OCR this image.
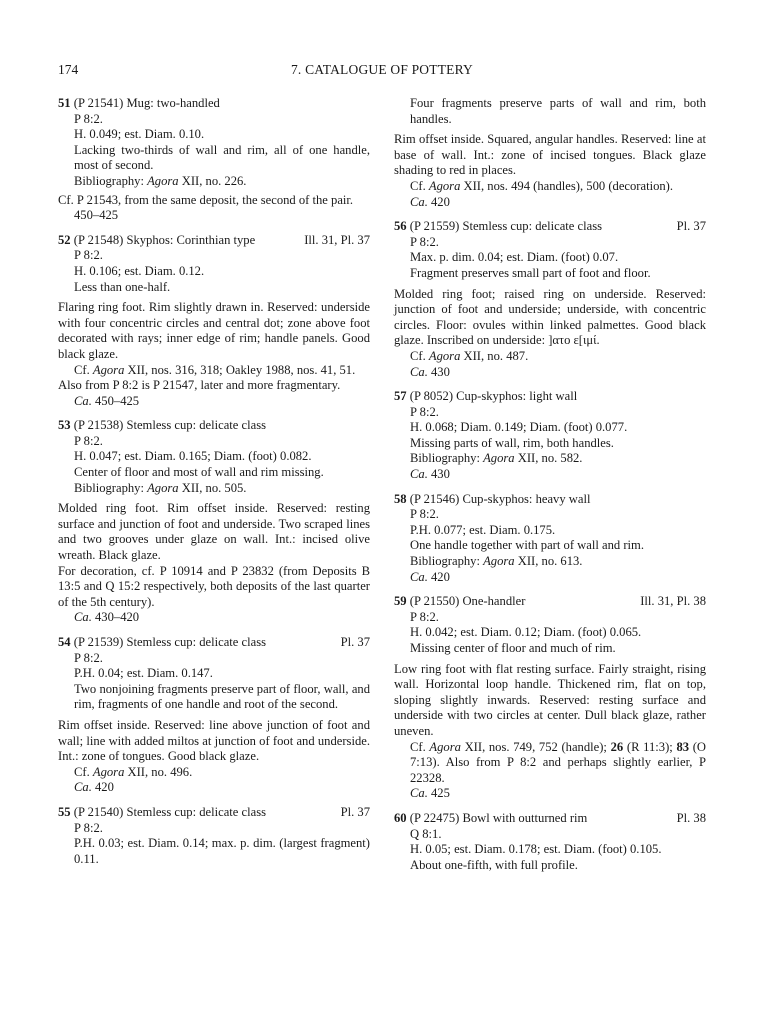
174	7. CATALOGUE OF POTTERY

51 (P 21541) Mug: two-handled

P 8:2.

H. 0.049; est. Diam. 0.10.

Lacking two-thirds of wall and rim, all of one handle, most of second.

Bibliography: Agora XII, no. 226.

Cf. P 21543, from the same deposit, the second of the pair.

450–425

52 (P 21548) Skyphos: Corinthian type	Ill. 31, Pl. 37

P 8:2.

H. 0.106; est. Diam. 0.12.

Less than one-half.

Flaring ring foot. Rim slightly drawn in. Reserved: underside with four concentric circles and central dot; zone above foot decorated with rays; inner edge of rim; handle panels. Good black glaze.

Cf. Agora XII, nos. 316, 318; Oakley 1988, nos. 41, 51.

Also from P 8:2 is P 21547, later and more fragmentary.

Ca. 450–425

53 (P 21538) Stemless cup: delicate class

P 8:2.

H. 0.047; est. Diam. 0.165; Diam. (foot) 0.082.

Center of floor and most of wall and rim missing.

Bibliography: Agora XII, no. 505.

Molded ring foot. Rim offset inside. Reserved: resting surface and junction of foot and underside. Two scraped lines and two grooves under glaze on wall. Int.: incised olive wreath. Black glaze.

For decoration, cf. P 10914 and P 23832 (from Deposits B 13:5 and Q 15:2 respectively, both deposits of the last quarter of the 5th century).

Ca. 430–420

54 (P 21539) Stemless cup: delicate class	Pl. 37

P 8:2.

P.H. 0.04; est. Diam. 0.147.

Two nonjoining fragments preserve part of floor, wall, and rim, fragments of one handle and root of the second.

Rim offset inside. Reserved: line above junction of foot and wall; line with added miltos at junction of foot and underside. Int.: zone of tongues. Good black glaze.

Cf. Agora XII, no. 496.

Ca. 420

55 (P 21540) Stemless cup: delicate class	Pl. 37

P 8:2.

P.H. 0.03; est. Diam. 0.14; max. p. dim. (largest fragment) 0.11.

Four fragments preserve parts of wall and rim, both handles.

Rim offset inside. Squared, angular handles. Reserved: line at base of wall. Int.: zone of incised tongues. Black glaze shading to red in places.

Cf. Agora XII, nos. 494 (handles), 500 (decoration).

Ca. 420

56 (P 21559) Stemless cup: delicate class	Pl. 37

P 8:2.

Max. p. dim. 0.04; est. Diam. (foot) 0.07.

Fragment preserves small part of foot and floor.

Molded ring foot; raised ring on underside. Reserved: junction of foot and underside; underside, with concentric circles. Floor: ovules within linked palmettes. Good black glaze. Inscribed on underside: ]ατο ε[ιμί.

Cf. Agora XII, no. 487.

Ca. 430

57 (P 8052) Cup-skyphos: light wall

P 8:2.

H. 0.068; Diam. 0.149; Diam. (foot) 0.077.

Missing parts of wall, rim, both handles.

Bibliography: Agora XII, no. 582.

Ca. 430

58 (P 21546) Cup-skyphos: heavy wall

P 8:2.

P.H. 0.077; est. Diam. 0.175.

One handle together with part of wall and rim.

Bibliography: Agora XII, no. 613.

Ca. 420

59 (P 21550) One-handler	Ill. 31, Pl. 38

P 8:2.

H. 0.042; est. Diam. 0.12; Diam. (foot) 0.065.

Missing center of floor and much of rim.

Low ring foot with flat resting surface. Fairly straight, rising wall. Horizontal loop handle. Thickened rim, flat on top, sloping slightly inwards. Reserved: resting surface and underside with two circles at center. Dull black glaze, rather uneven.

Cf. Agora XII, nos. 749, 752 (handle); 26 (R 11:3); 83 (O 7:13). Also from P 8:2 and perhaps slightly earlier, P 22328.

Ca. 425

60 (P 22475) Bowl with outturned rim	Pl. 38

Q 8:1.

H. 0.05; est. Diam. 0.178; est. Diam. (foot) 0.105.

About one-fifth, with full profile.
